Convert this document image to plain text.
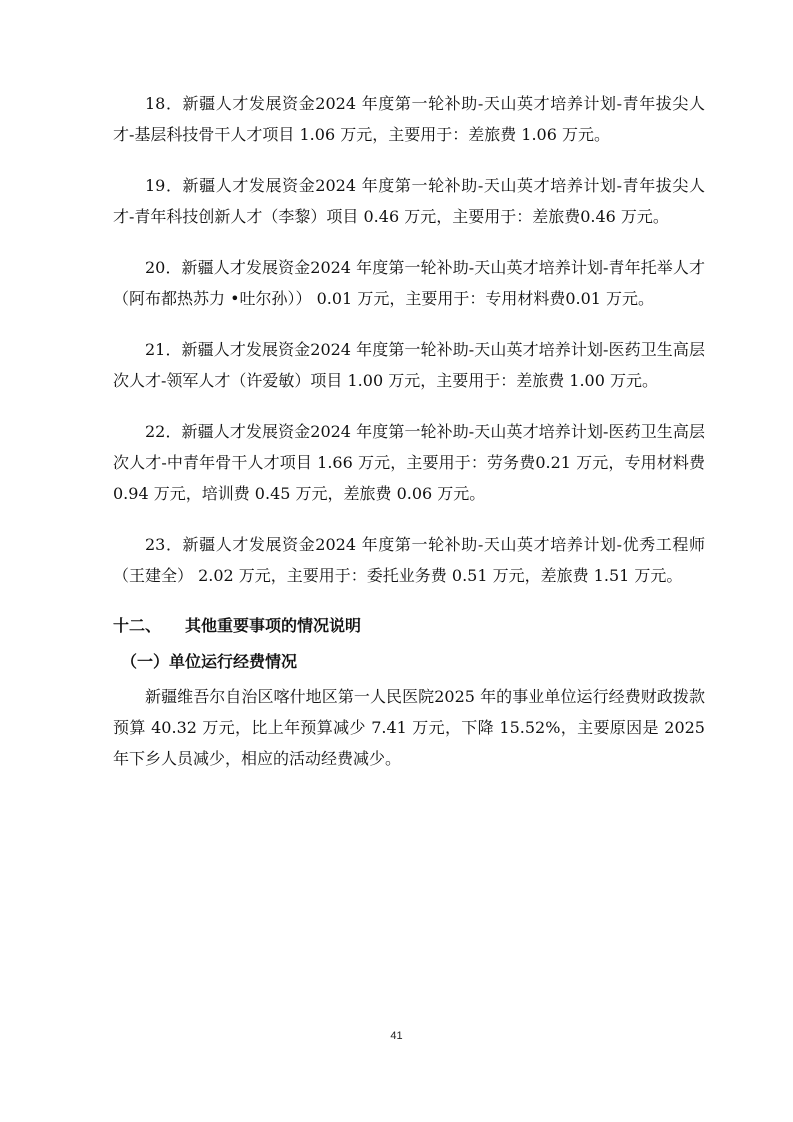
18．新疆人才发展资金2024 年度第一轮补助-天山英才培养计划-青年拔尖人才-基层科技骨干人才项目 1.06 万元，主要用于：差旅费 1.06 万元。

19．新疆人才发展资金2024 年度第一轮补助-天山英才培养计划-青年拔尖人才-青年科技创新人才（李黎）项目 0.46 万元，主要用于：差旅费0.46 万元。

20．新疆人才发展资金2024 年度第一轮补助-天山英才培养计划-青年托举人才（阿布都热苏力 •吐尔孙）） 0.01 万元，主要用于：专用材料费0.01 万元。

21．新疆人才发展资金2024 年度第一轮补助-天山英才培养计划-医药卫生高层次人才-领军人才（许爱敏）项目 1.00 万元，主要用于：差旅费 1.00 万元。

22．新疆人才发展资金2024 年度第一轮补助-天山英才培养计划-医药卫生高层次人才-中青年骨干人才项目 1.66 万元，主要用于：劳务费0.21 万元，专用材料费 0.94 万元，培训费 0.45 万元，差旅费 0.06 万元。

23．新疆人才发展资金2024 年度第一轮补助-天山英才培养计划-优秀工程师（王建全） 2.02 万元，主要用于：委托业务费 0.51 万元，差旅费 1.51 万元。

十二、 其他重要事项的情况说明
（一）单位运行经费情况

新疆维吾尔自治区喀什地区第一人民医院2025 年的事业单位运行经费财政拨款预算 40.32 万元，比上年预算减少 7.41 万元，下降 15.52%，主要原因是 2025 年下乡人员减少，相应的活动经费减少。

41
